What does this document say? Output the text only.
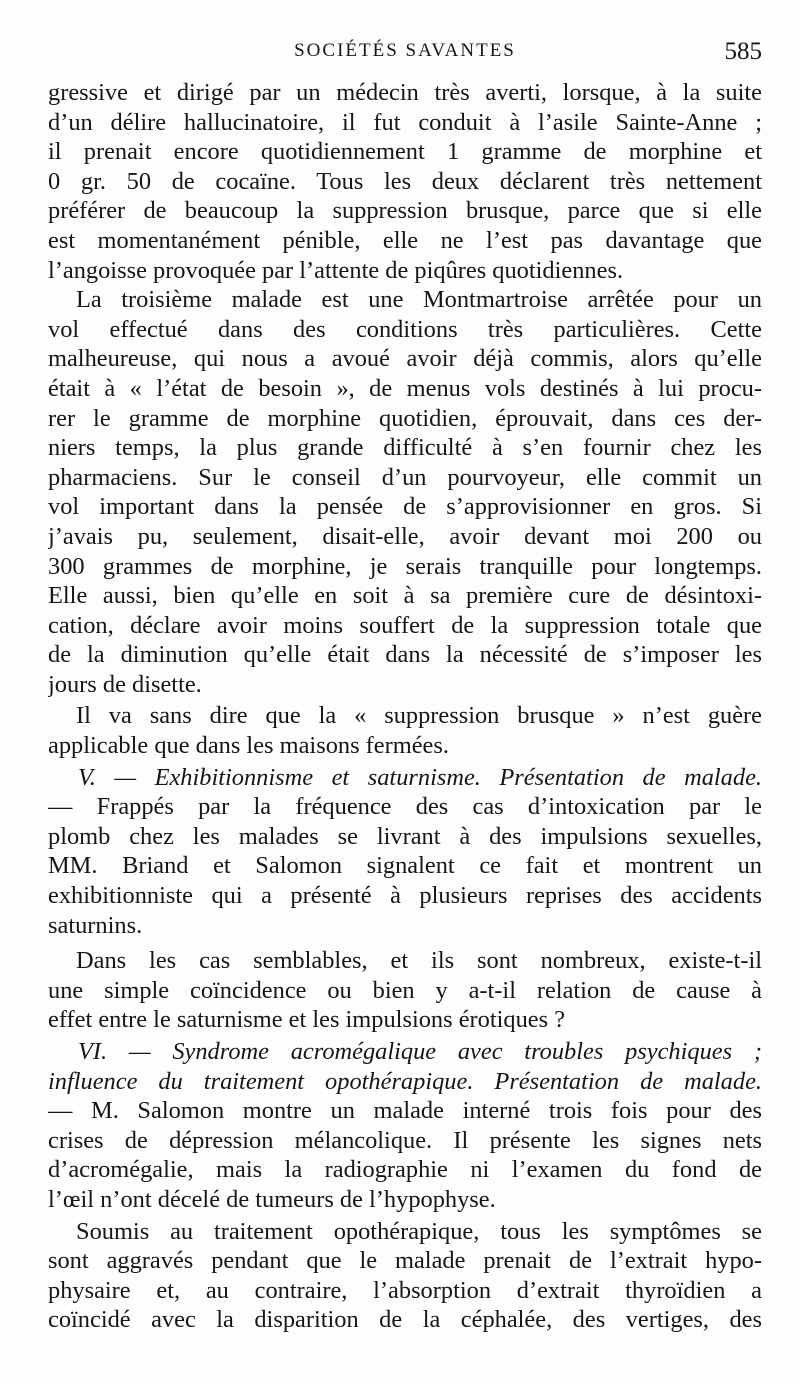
SOCIÉTÉS SAVANTES	585
gressive et dirigé par un médecin très averti, lorsque, à la suite
d’un délire hallucinatoire, il fut conduit à l’asile Sainte-Anne ;
il prenait encore quotidiennement 1 gramme de morphine et
0 gr. 50 de cocaïne. Tous les deux déclarent très nettement
préférer de beaucoup la suppression brusque, parce que si elle
est momentanément pénible, elle ne l’est pas davantage que
l’angoisse provoquée par l’attente de piqûres quotidiennes.
La troisième malade est une Montmartroise arrêtée pour un
vol effectué dans des conditions très particulières. Cette
malheureuse, qui nous a avoué avoir déjà commis, alors qu’elle
était à « l’état de besoin », de menus vols destinés à lui procu-
rer le gramme de morphine quotidien, éprouvait, dans ces der-
niers temps, la plus grande difficulté à s’en fournir chez les
pharmaciens. Sur le conseil d’un pourvoyeur, elle commit un
vol important dans la pensée de s’approvisionner en gros. Si
j’avais pu, seulement, disait-elle, avoir devant moi 200 ou
300 grammes de morphine, je serais tranquille pour longtemps.
Elle aussi, bien qu’elle en soit à sa première cure de désintoxi-
cation, déclare avoir moins souffert de la suppression totale que
de la diminution qu’elle était dans la nécessité de s’imposer les
jours de disette.
Il va sans dire que la « suppression brusque » n’est guère
applicable que dans les maisons fermées.
V. — Exhibitionnisme et saturnisme. Présentation de malade.
— Frappés par la fréquence des cas d’intoxication par le
plomb chez les malades se livrant à des impulsions sexuelles,
MM. Briand et Salomon signalent ce fait et montrent un
exhibitionniste qui a présenté à plusieurs reprises des accidents
saturnins.
Dans les cas semblables, et ils sont nombreux, existe-t-il
une simple coïncidence ou bien y a-t-il relation de cause à
effet entre le saturnisme et les impulsions érotiques ?
VI. — Syndrome acromégalique avec troubles psychiques ;
influence du traitement opothérapique. Présentation de malade.
— M. Salomon montre un malade interné trois fois pour des
crises de dépression mélancolique. Il présente les signes nets
d’acromégalie, mais la radiographie ni l’examen du fond de
l’œil n’ont décelé de tumeurs de l’hypophyse.
Soumis au traitement opothérapique, tous les symptômes se
sont aggravés pendant que le malade prenait de l’extrait hypo-
physaire et, au contraire, l’absorption d’extrait thyroïdien a
coïncidé avec la disparition de la céphalée, des vertiges, des
